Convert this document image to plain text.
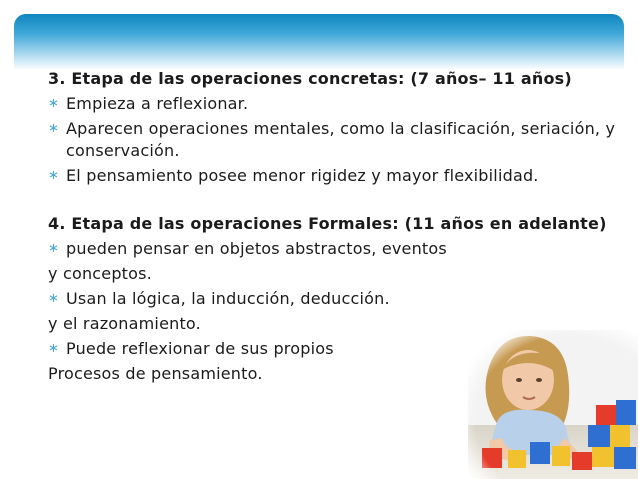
3. Etapa de las operaciones concretas: (7 años– 11 años)

∗ Empieza a reflexionar.
∗ Aparecen operaciones mentales, como la clasificación, seriación, y conservación.
∗ El pensamiento posee menor rigidez y mayor flexibilidad.

4. Etapa de las operaciones Formales: (11 años en adelante)

∗ pueden pensar en objetos abstractos, eventos

y conceptos.

∗ Usan la lógica, la inducción, deducción.

y el razonamiento.

∗ Puede reflexionar de sus propios

Procesos de pensamiento.
